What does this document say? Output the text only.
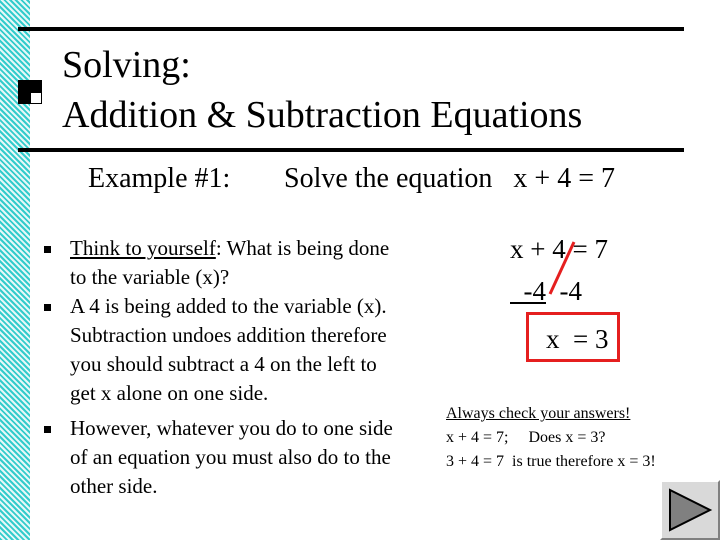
Solving:
Addition & Subtraction Equations
Example #1: Solve the equation   x + 4 = 7
Think to yourself: What is being done to the variable (x)?
A 4 is being added to the variable (x). Subtraction undoes addition therefore you should subtract a 4 on the left to get x alone on one side.
However, whatever you do to one side of an equation you must also do to the other side.
x + 4 = 7
-4  -4
x  = 3
Always check your answers!
x + 4 = 7;     Does x = 3?
3 + 4 = 7  is true therefore x = 3!
